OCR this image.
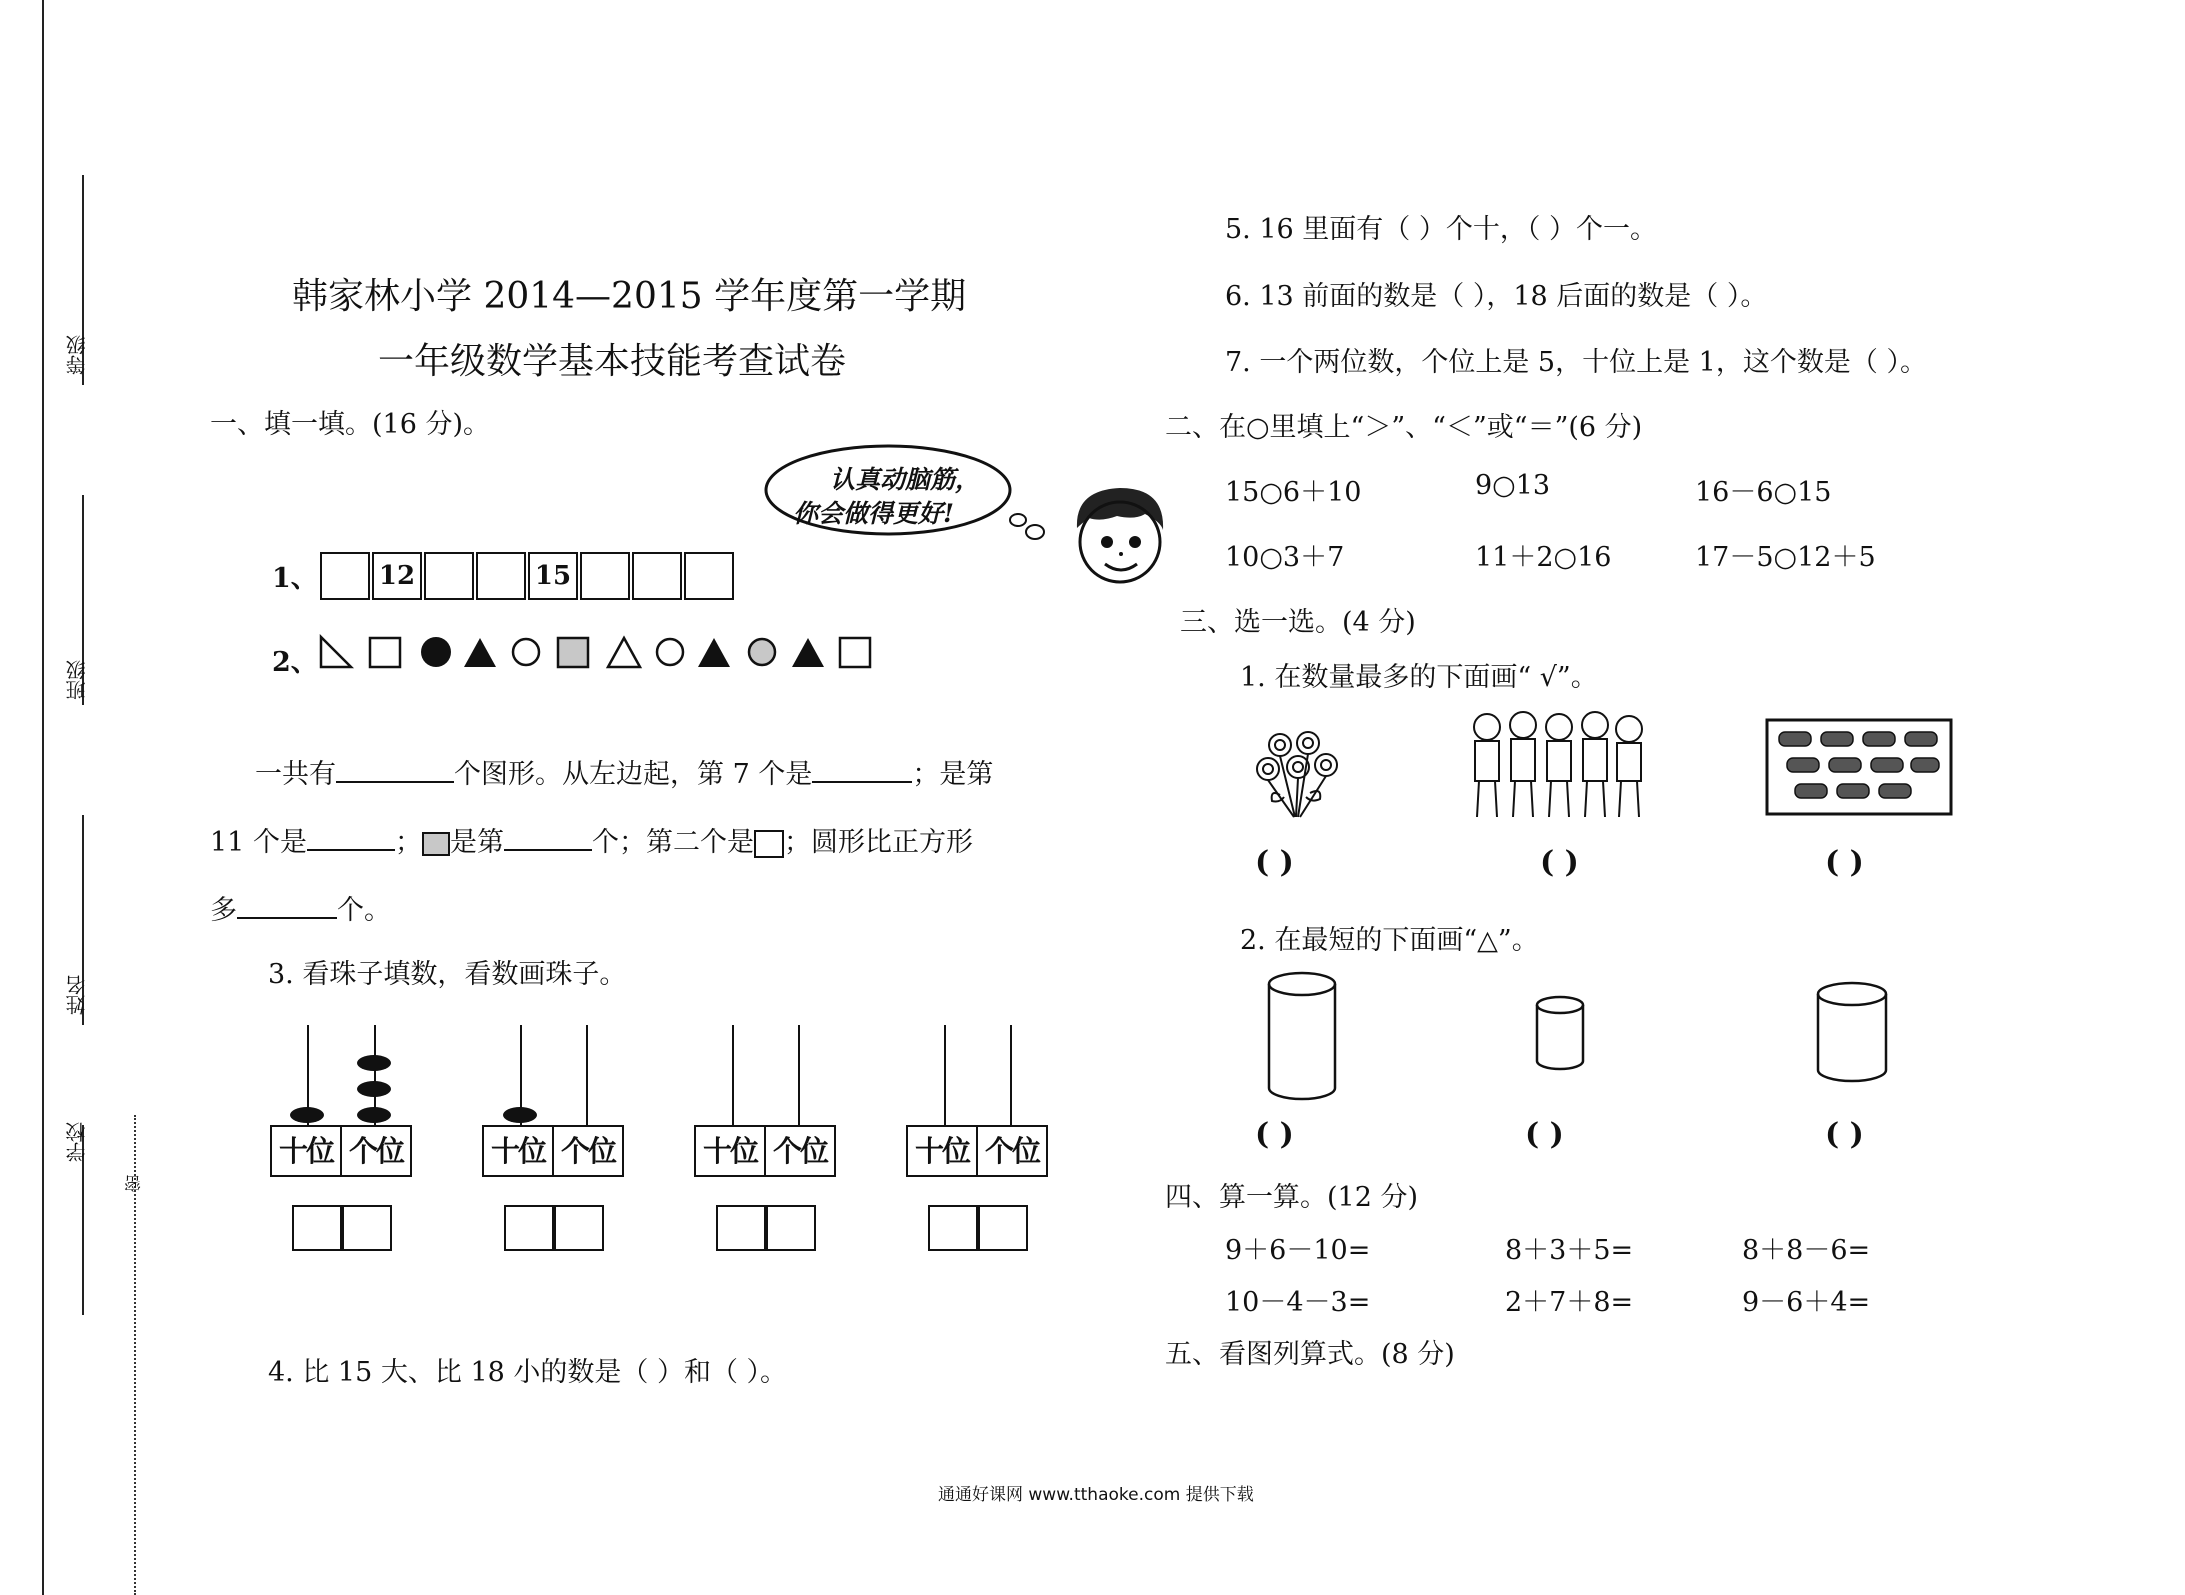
等级
班级
姓名
学校
密
韩家林小学 2014—2015 学年度第一学期
一年级数学基本技能考查试卷
一、填一填。(16 分)。
认真动脑筋，
你会做得更好!
1、 12	15
2、
一共有	个图形。从左边起，第 7 个是	；是第
11 个是	； 是第	个；第二个是 ；圆形比正方形
多	个。
3. 看珠子填数，看数画珠子。
十位 个位	十位 个位	十位 个位	十位 个位
4. 比 15 大、比 18 小的数是（ ）和（ ）。
5. 16 里面有（ ）个十，（ ）个一。
6. 13 前面的数是（ ），18 后面的数是（ ）。
7. 一个两位数，个位上是 5，十位上是 1，这个数是（ ）。
二、在○里填上“＞”、“＜”或“＝”(6 分)
15○6＋10	9○13	16－6○15
10○3＋7	11＋2○16	17－5○12＋5
三、选一选。(4 分)
1. 在数量最多的下面画“ √”。
( )	( )	( )
2. 在最短的下面画“△”。
( )	( )	( )
四、算一算。(12 分)
9＋6－10=	8＋3＋5=	8＋8－6=
10－4－3=	2＋7＋8=	9－6＋4=
五、看图列算式。(8 分)
通通好课网 www.tthaoke.com 提供下载
